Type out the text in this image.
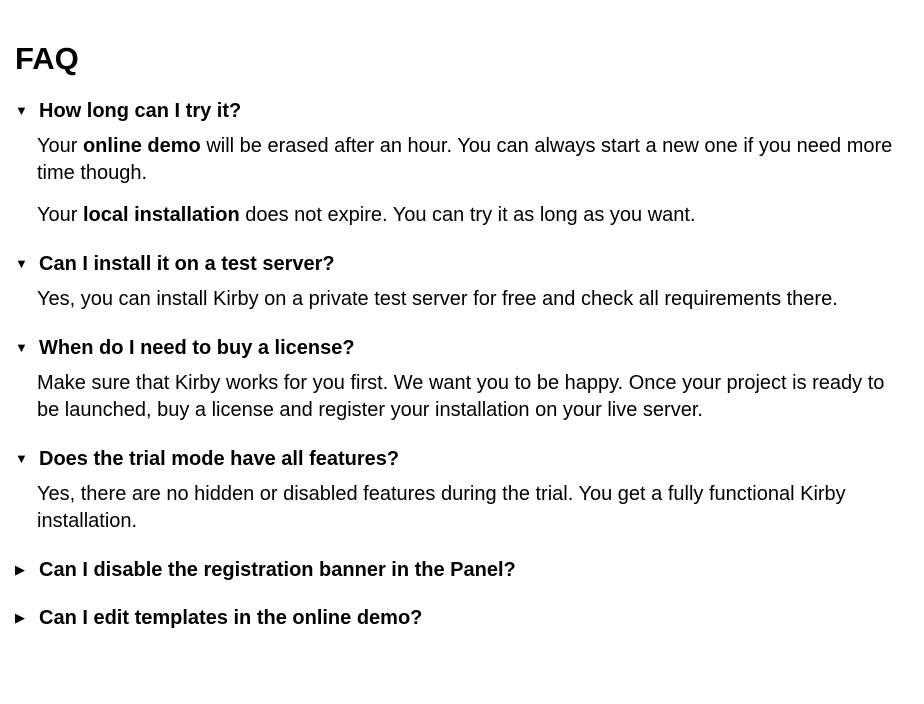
FAQ
▼ How long can I try it?

Your online demo will be erased after an hour. You can always start a new one if you need more time though.

Your local installation does not expire. You can try it as long as you want.

▼ Can I install it on a test server?

Yes, you can install Kirby on a private test server for free and check all requirements there.

▼ When do I need to buy a license?

Make sure that Kirby works for you first. We want you to be happy. Once your project is ready to be launched, buy a license and register your installation on your live server.

▼ Does the trial mode have all features?

Yes, there are no hidden or disabled features during the trial. You get a fully functional Kirby installation.

▶ Can I disable the registration banner in the Panel?
▶ Can I edit templates in the online demo?
